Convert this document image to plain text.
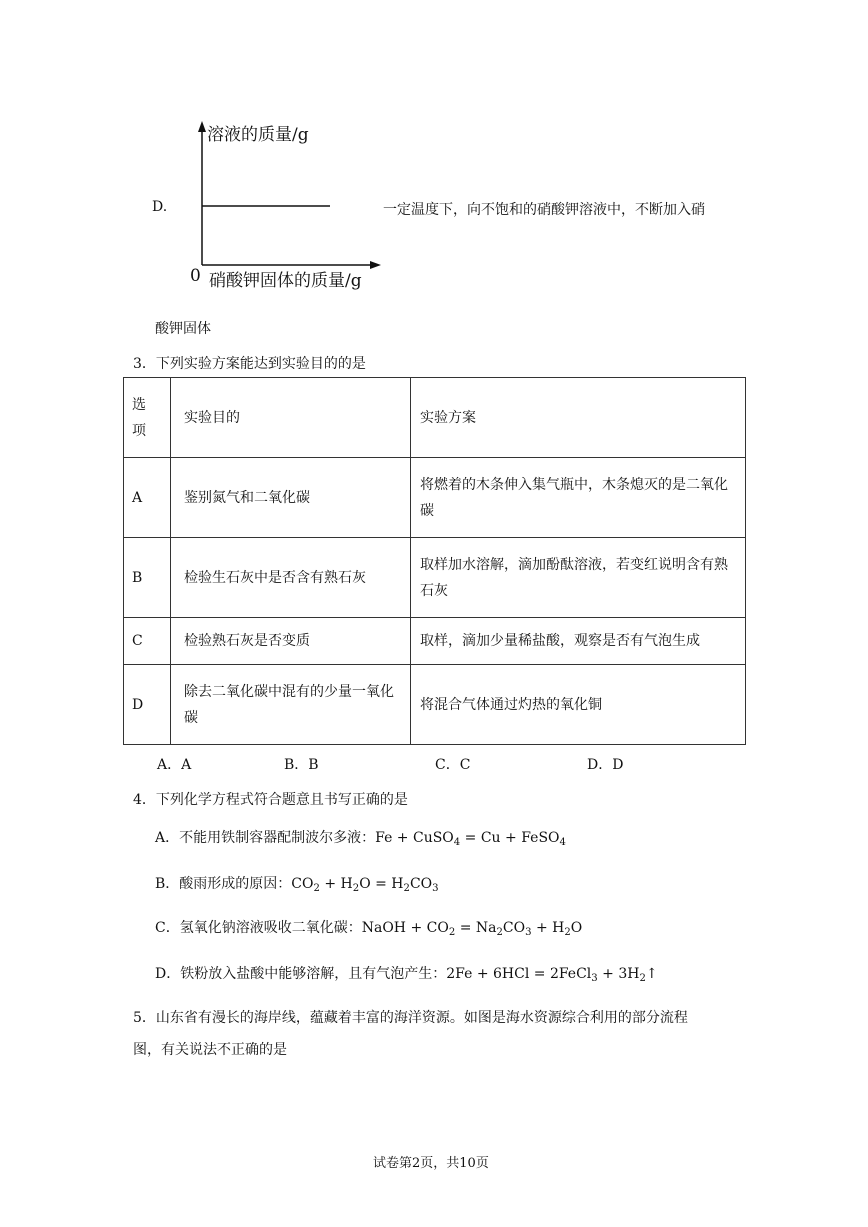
D.
溶液的质量/g
0 硝酸钾固体的质量/g
一定温度下，向不饱和的硝酸钾溶液中，不断加入硝
酸钾固体
3．下列实验方案能达到实验目的的是
选项	实验目的	实验方案
A	鉴别氮气和二氧化碳	将燃着的木条伸入集气瓶中，木条熄灭的是二氧化碳
B	检验生石灰中是否含有熟石灰	取样加水溶解，滴加酚酞溶液，若变红说明含有熟石灰
C	检验熟石灰是否变质	取样，滴加少量稀盐酸，观察是否有气泡生成
D	除去二氧化碳中混有的少量一氧化碳	将混合气体通过灼热的氧化铜
A．A	B．B	C．C	D．D
4．下列化学方程式符合题意且书写正确的是
A．不能用铁制容器配制波尔多液：Fe + CuSO$_4$ = Cu + FeSO$_4$
B．酸雨形成的原因：$CO_2 + H_2O = H_2CO_3$
C．氢氧化钠溶液吸收二氧化碳：NaOH + $CO_2 = Na_2CO_3 + H_2O$
D．铁粉放入盐酸中能够溶解，且有气泡产生：2Fe + 6HCl = 2FeCl$_3$ + $3H_2↑$
5．山东省有漫长的海岸线，蕴藏着丰富的海洋资源。如图是海水资源综合利用的部分流程
图，有关说法不正确的是
试卷第2页，共10页
